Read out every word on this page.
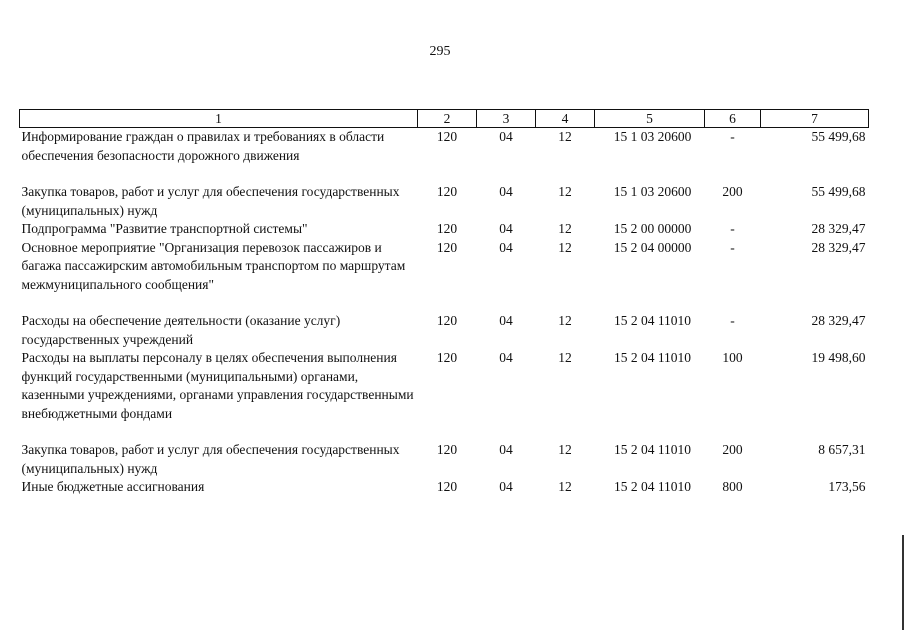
295
1	2	3	4	5	6	7
Информирование граждан о правилах и требованиях в области обеспечения безопасности дорожного движения	120	04	12	15 1 03 20600	-	55 499,68
Закупка товаров, работ и услуг для обеспечения государственных (муниципальных) нужд	120	04	12	15 1 03 20600	200	55 499,68
Подпрограмма "Развитие транспортной системы"	120	04	12	15 2 00 00000	-	28 329,47
Основное мероприятие "Организация перевозок пассажиров и багажа пассажирским автомобильным транспортом по маршрутам межмуниципального сообщения"	120	04	12	15 2 04 00000	-	28 329,47
Расходы на обеспечение деятельности (оказание услуг) государственных учреждений	120	04	12	15 2 04 11010	-	28 329,47
Расходы на выплаты персоналу в целях обеспечения выполнения функций государственными (муниципальными) органами, казенными учреждениями, органами управления государственными внебюджетными фондами	120	04	12	15 2 04 11010	100	19 498,60
Закупка товаров, работ и услуг для обеспечения государственных (муниципальных) нужд	120	04	12	15 2 04 11010	200	8 657,31
Иные бюджетные ассигнования	120	04	12	15 2 04 11010	800	173,56
